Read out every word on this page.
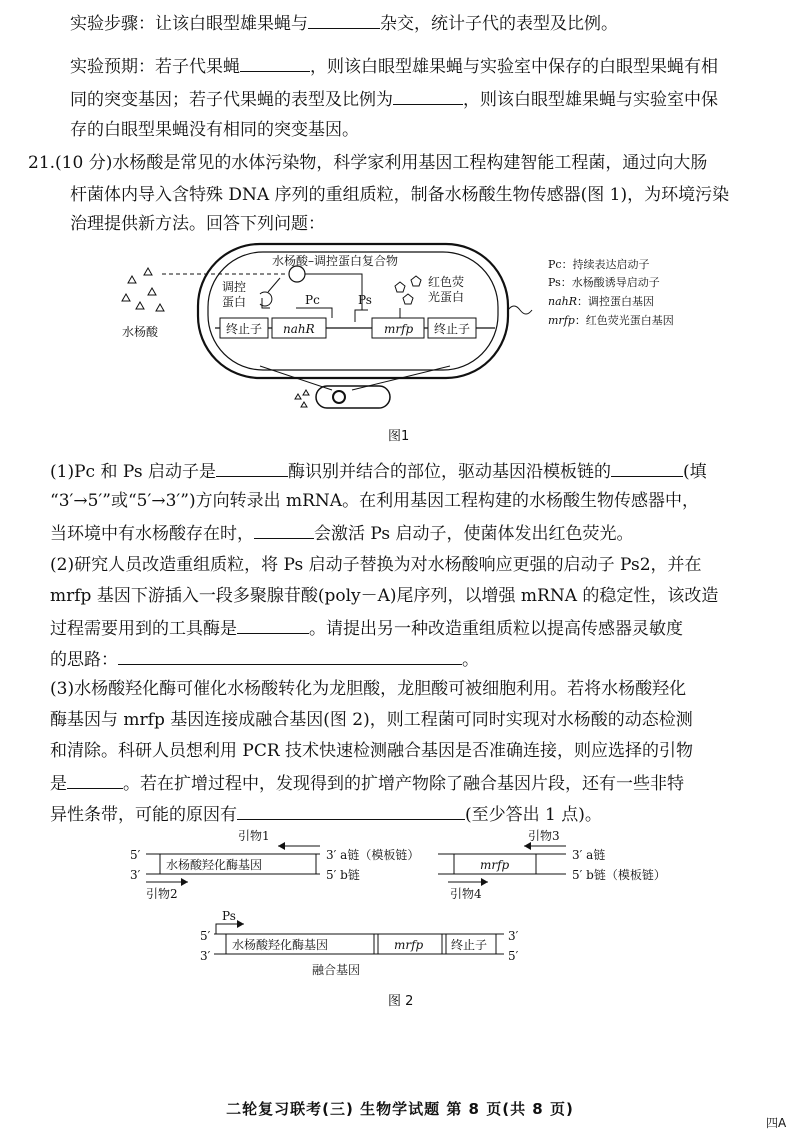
实验步骤：让该白眼型雄果蝇与	杂交，统计子代的表型及比例。
实验预期：若子代果蝇	，则该白眼型雄果蝇与实验室中保存的白眼型果蝇有相
同的突变基因；若子代果蝇的表型及比例为	，则该白眼型雄果蝇与实验室中保
存的白眼型果蝇没有相同的突变基因。
21.(10 分)水杨酸是常见的水体污染物，科学家利用基因工程构建智能工程菌，通过向大肠
杆菌体内导入含特殊 DNA 序列的重组质粒，制备水杨酸生物传感器(图 1)，为环境污染
治理提供新方法。回答下列问题：
水杨酸–调控蛋白复合物
调控
蛋白	Pc	Ps
红色荧
光蛋白
终止子 nahR	mrfp 终止子
水杨酸
Pc：持续表达启动子
Ps：水杨酸诱导启动子
nahR：调控蛋白基因
mrfp：红色荧光蛋白基因
图1
(1)Pc 和 Ps 启动子是	酶识别并结合的部位，驱动基因沿模板链的	(填
“3′→5′”或“5′→3′”)方向转录出 mRNA。在利用基因工程构建的水杨酸生物传感器中，
当环境中有水杨酸存在时，	会激活 Ps 启动子，使菌体发出红色荧光。
(2)研究人员改造重组质粒，将 Ps 启动子替换为对水杨酸响应更强的启动子 Ps2，并在
mrfp 基因下游插入一段多聚腺苷酸(poly－A)尾序列，以增强 mRNA 的稳定性，该改造
过程需要用到的工具酶是	。请提出另一种改造重组质粒以提高传感器灵敏度
的思路：	。
(3)水杨酸羟化酶可催化水杨酸转化为龙胆酸，龙胆酸可被细胞利用。若将水杨酸羟化
酶基因与 mrfp 基因连接成融合基因(图 2)，则工程菌可同时实现对水杨酸的动态检测
和清除。科研人员想利用 PCR 技术快速检测融合基因是否准确连接，则应选择的引物
是	。若在扩增过程中，发现得到的扩增产物除了融合基因片段，还有一些非特
异性条带，可能的原因有	(至少答出 1 点)。
引物1
5′
3′
水杨酸羟化酶基因
3′ a链（模板链）
5′ b链
引物2
引物3
mrfp
3′ a链
5′ b链（模板链）
引物4
Ps
5′
3′
水杨酸羟化酶基因	mrfp 终止子
3′
5′
融合基因
图 2
二轮复习联考(三) 生物学试题 第 8 页(共 8 页)
四A
